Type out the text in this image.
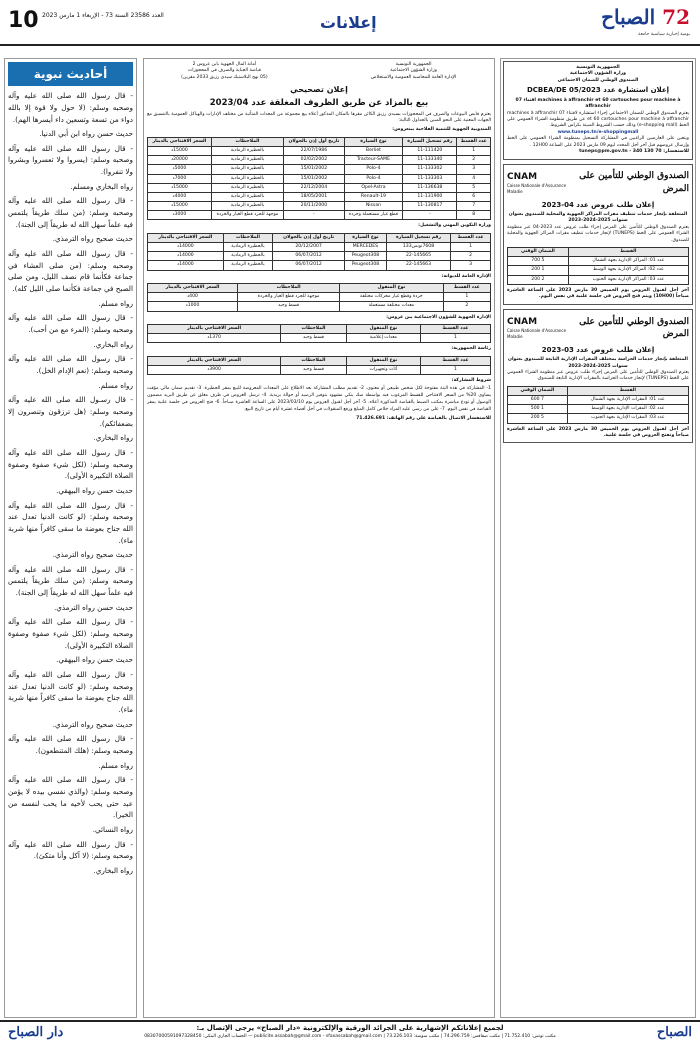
10 العدد 23586 السنة 73 - الإربعاء 1 مارس 2023	إعلانات	72 الصباح
يومية إخبارية سياسية جامعة
أحاديث نبوية

- قال رسول الله صلى الله عليه وآله وصحبه وسلم: (لا حول ولا قوة إلا بالله دواء من تسعة وتسعين داء أيسرها الهم).

حديث حسن رواه ابن أبي الدنيا.

- قال رسول الله صلى الله عليه وآله وصحبه وسلم: (يسروا ولا تعسروا وبشروا ولا تنفروا).

رواه البخاري ومسلم.

- قال رسول الله صلى الله عليه وآله وصحبه وسلم: (من سلك طريقاً يلتمس فيه علماً سهل الله له طريقاً إلى الجنة).

حديث صحيح رواه الترمذي.

- قال رسول الله صلى الله عليه وآله وصحبه وسلم: (من صلى العشاء في جماعة فكأنما قام نصف الليل، ومن صلى الصبح في جماعة فكأنما صلى الليل كله).

رواه مسلم.

- قال رسول الله صلى الله عليه وآله وصحبه وسلم: (المرء مع من أحب).

رواه البخاري.

- قال رسول الله صلى الله عليه وآله وصحبه وسلم: (نعم الإدام الخل).

رواه مسلم.

- قال رسـول الله صلى الله عليه وآله وصحبه وسلم: (هل ترزقون وتنصرون إلا بضعفائكم).

رواه البخاري.

- قال رسول الله صلى الله عليه وآله وصحبه وسلم: (لكل شيء صفوة وصفوة الصلاة التكبيرة الأولى).

حديث حسن رواه البيهقي.

- قال رسول الله صلى الله عليه وآله وصحبه وسلم: (لو كانت الدنيا تعدل عند الله جناح بعوضة ما سقى كافراً منها شربة ماء).

حديث صحيح رواه الترمذي.

- قال رسول الله صلى الله عليه وآله وصحبه وسلم: (من سلك طريقاً يلتمس فيه علماً سهل الله له طريقاً إلى الجنة).

حديث حسن رواه الترمذي.

- قال رسول الله صلى الله عليه وآله وصحبه وسلم: (لكل شيء صفوة وصفوة الصلاة التكبيرة الأولى).

حديث حسن رواه البيهقي.

- قال رسول الله صلى الله عليه وآله وصحبه وسلم: (لو كانت الدنيا تعدل عند الله جناح بعوضة ما سقى كافراً منها شربة ماء).

حديث صحيح رواه الترمذي.

- قال رسول الله صلى الله عليه وآله وصحبه وسلم: (هلك المتنطعون).

رواه مسلم.

- قال رسول الله صلى الله عليه وآله وصحبه وسلم: (والذي نفسي بيده لا يؤمن عبد حتى يحب لأخيه ما يحب لنفسه من الخير).

رواه النسائي.

- قال رسول الله صلى الله عليه وآله وصحبه وسلم: (لا آكل وأنا متكئ).

رواه البخاري.

الجمهورية التونسية
وزارة الشؤون الاجتماعية
الإدارة العامة للمحاسبة العمومية والاستخلاص
أمانة المال الجهوية بابن عروس 2
قباضة الجباية والصرف في المحجوزات
(05 نهج البلاستيك سيدي رزيق 2033 مقرين)
إعلان تصحيحي
بيع بالمزاد عن طريق الظروف المغلقة عدد 2023/04

يعتزم قابض البيوعات والصرف في المحجوزات بسيدي رزيق الكائن مقرها بالمكان المذكور أعلاه بيع مجموعة من المعدات المتأتية من مختلف الإدارات والهياكل العمومية بالتنسيق مع الجهات المعنية على النحو المبين بالجداول التالية:

المندوبية الجهوية للتنمية الفلاحية ببنعروس:

عدد القسط	رقم تسجيل السيارة	نوع السيارة	تاريخ أول إذن بالجولان	الملاحظات	السعر الافتتاحي بالدينار
1	11-111420	Berliet	22/07/1986	بالحظيرة الرمادية	15000د
2	11-133340	Tracteur-SAME	02/02/2002	بالحظيرة الرمادية	20000د
3	11-133302	Polo-4	15/01/2002	بالحظيرة الرمادية	5000د
4	11-133303	Polo-4	15/01/2002	بالحظيرة الرمادية	7000د
5	11-136638	Opel-Astra	22/12/2004	بالحظيرة الرمادية	15000د
6	11-131900	Renault-19	18/05/2001	بالحظيرة الرمادية	4000د
7	11-130817	Nissan	20/11/2000	بالحظيرة الرمادية	15000د
8	-	قطع غيار مستعملة وخردة	-	موجهة للجرد قطع الغيار والخردة	3000د

وزارة التكوين المهني والتشغيل:

عدد القسط	رقم تسجيل السيارة	نوع السيارة	تاريخ أول إذن بالجولان	الملاحظات	السعر الافتتاحي بالدينار
1	7608تونس133	MERCEDES	20/12/2007	بالحظيرة الرمادية	14000د
2	22-145665	Peugeot308	06/07/2012	بالحظيرة الرمادية	14000د
3	22-145663	Peugeot308	06/07/2012	بالحظيرة الرمادية	14000د

الإدارة العامة للديوانة:

عدد القسط	نوع المنقول	الملاحظات	السعر الافتتاحي بالدينار
1	خردة وقطع غيار محركات مختلفة	موجهة للجرد قطع الغيار والخردة	400د
2	معدات مختلفة مستعملة	قسط وحيد	1000د

الإدارة الجهوية للشؤون الاجتماعية ببن عروس:

عدد القسط	نوع المنقول	الملاحظات	السعر الافتتاحي بالدينار
1	معدات إعلامية	قسط وحيد	1370د

رئاسة الجمهورية:

عدد القسط	نوع المنقول	الملاحظات	السعر الافتتاحي بالدينار
1	أثاث وتجهيزات	قسط وحيد	3900د

شروط المشاركة:

1- المشاركة في هذه البتة مفتوحة لكل شخص طبيعي أو معنوي. 2- تقديم مطلب المشاركة بعد الاطلاع على المعدات المعروضة للبيع بمقر الحظيرة. 3- تقديم ضمان مالي مؤقت يساوي 20% من السعر الافتتاحي للقسط المرغوب فيه بواسطة صك بنكي مشهود بتوفير الرصيد أو حوالة بريدية. 4- ترسل العروض في ظرف مغلق عن طريق البريد مضمون الوصول أو تودع مباشرة بمكتب الضبط بالقباضة المذكورة أعلاه. 5- آخر أجل لقبول العروض يوم 2023/03/10 على الساعة العاشرة صباحاً. 6- فتح العروض في جلسة علنية بمقر القباضة في نفس اليوم. 7- على من رسى عليه المزاد خلاص كامل المبلغ ورفع المنقولات في أجل أقصاه عشرة أيام من تاريخ البيع.

للاستفسار الاتصال بالقباضة على رقم الهاتف: 71.426.691

الجمهورية التونسية
وزارة الشؤون الاجتماعية
الصندوق الوطني للضمان الاجتماعي
إعلان استشارة عدد DCBEA/DE 05/2023
اقتناء 07 machines à affranchir et 60 cartouches pour machine à affranchir

يعتزم الصندوق الوطني للضمان الاجتماعي إجراء استشارة لاقتناء 07 machines à affranchir et 60 cartouches pour machine à affranchir عن طريق منظومة الشراء العمومي على الخط (e-shopping mall) وذلك حسب الشروط المبينة بكراس الشروط.

www.tuneps.tn/e-shoppingmall

ويتعين على العارضين الراغبين في المشاركة التسجيل بمنظومة الشراء العمومي على الخط وإرسال عروضهم قبل آخر أجل المحدد ليوم 09 مارس 2023 على الساعة 12H00 .

للاستفسار: 70 130 340 - tuneps@pm.gov.tn

الصندوق الوطني للتأمين على المرض
CNAM
Caisse Nationale d'Assurance Maladie
إعلان طلب عروض عدد 04-2023

المتعلقة بإنجاز خدمات تنظيف مقرات المراكز الجهوية والمحلية للصندوق بعنوان سنوات 2025-2024-2023

يعتزم الصندوق الوطني للتأمين على المرض إجراء طلب عروض عدد 2023-04 عبر منظومة الشراء العمومي على الخط (TUNEPS) لإنجاز خدمات تنظيف مقرات المراكز الجهوية والمحلية للصندوق.

القسط	الضمان الوقتي
عدد 01: المراكز الإدارية بجهة الشمال	5 700
عدد 02: المراكز الإدارية بجهة الوسط	1 200
عدد 03: المراكز الإدارية بجهة الجنوب	2 200

آخر أجل لقبول العروض يوم الخميس 30 مارس 2023 على الساعة العاشرة صباحاً (10H00) ويتم فتح العروض في جلسة علنية في نفس اليوم.

الصندوق الوطني للتأمين على المرض
CNAM
Caisse Nationale d'Assurance Maladie
إعلان طلب عروض عدد 03-2023

المتعلقة بإنجاز خدمات الحراسة بمختلف المقرات الإدارية التابعة للصندوق بعنوان سنوات 2025-2024-2023

يعتزم الصندوق الوطني للتأمين على المرض إجراء طلب عروض عبر منظومة الشراء العمومي على الخط (TUNEPS) لإنجاز خدمات الحراسة بالمقرات الإدارية التابعة للصندوق.

القسط	الضمان الوقتي
عدد 01: المقرات الإدارية بجهة الشمال	7 600
عدد 02: المقرات الإدارية بجهة الوسط	1 500
عدد 03: المقرات الإدارية بجهة الجنوب	5 200

آخر أجل لقبول العروض يوم الخميس 30 مارس 2023 على الساعة العاشرة صباحاً وتفتح العروض في جلسة علنية.

الصباح
لجميع إعلاناتكم الإشهارية على الجرائد الورقية والإلكترونية «دار الصباح» يرجى الإتصال بـ:
مكتب تونس: 71.752.410 | مكتب صفاقس: 74.296.759 | مكتب سوسة: 73.226.103 | publicite.assabah@gmail.com - sfaxassabah@gmail.com — الحساب الجاري البنكي: 08307000591097328450
دار الصباح
